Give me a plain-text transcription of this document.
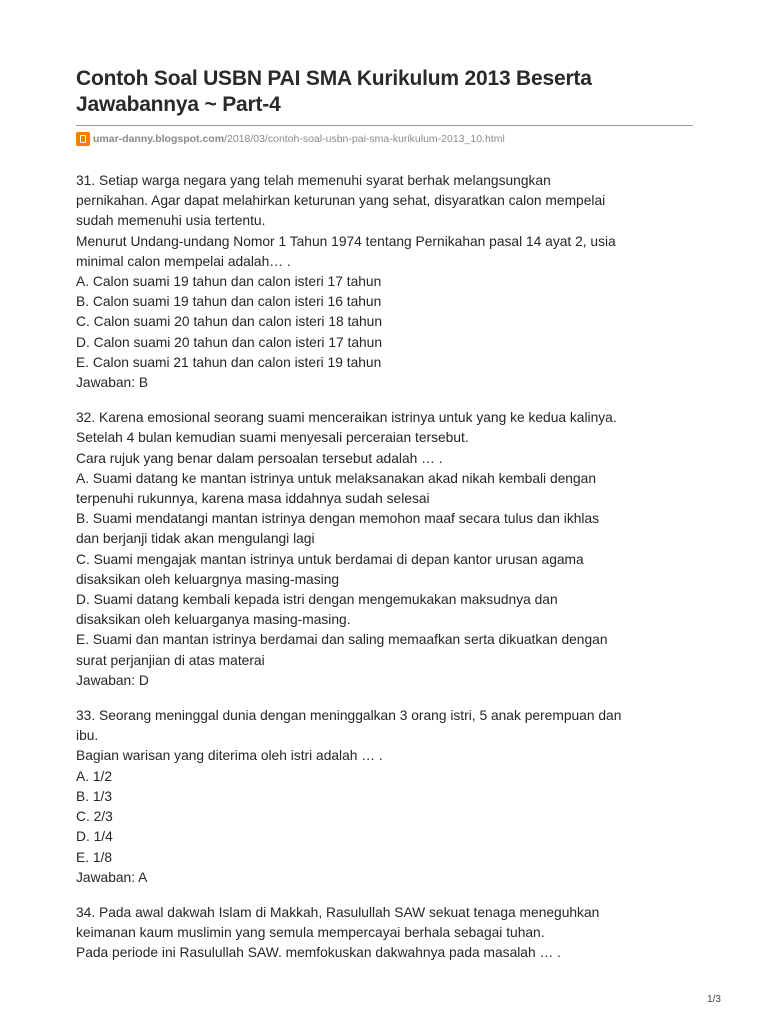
Contoh Soal USBN PAI SMA Kurikulum 2013 Beserta Jawabannya ~ Part-4
umar-danny.blogspot.com /2018/03/contoh-soal-usbn-pai-sma-kurikulum-2013_10.html

31. Setiap warga negara yang telah memenuhi syarat berhak melangsungkan

pernikahan. Agar dapat melahirkan keturunan yang sehat, disyaratkan calon mempelai

sudah memenuhi usia tertentu.

Menurut Undang-undang Nomor 1 Tahun 1974 tentang Pernikahan pasal 14 ayat 2, usia

minimal calon mempelai adalah… .

A. Calon suami 19 tahun dan calon isteri 17 tahun

B. Calon suami 19 tahun dan calon isteri 16 tahun

C. Calon suami 20 tahun dan calon isteri 18 tahun

D. Calon suami 20 tahun dan calon isteri 17 tahun

E. Calon suami 21 tahun dan calon isteri 19 tahun

Jawaban: B

32. Karena emosional seorang suami menceraikan istrinya untuk yang ke kedua kalinya.

Setelah 4 bulan kemudian suami menyesali perceraian tersebut.

Cara rujuk yang benar dalam persoalan tersebut adalah … .

A. Suami datang ke mantan istrinya untuk melaksanakan akad nikah kembali dengan

terpenuhi rukunnya, karena masa iddahnya sudah selesai

B. Suami mendatangi mantan istrinya dengan memohon maaf secara tulus dan ikhlas

dan berjanji tidak akan mengulangi lagi

C. Suami mengajak mantan istrinya untuk berdamai di depan kantor urusan agama

disaksikan oleh keluargnya masing-masing

D. Suami datang kembali kepada istri dengan mengemukakan maksudnya dan

disaksikan oleh keluarganya masing-masing.

E. Suami dan mantan istrinya berdamai dan saling memaafkan serta dikuatkan dengan

surat perjanjian di atas materai

Jawaban: D

33. Seorang meninggal dunia dengan meninggalkan 3 orang istri, 5 anak perempuan dan

ibu.

Bagian warisan yang diterima oleh istri adalah … .

A. 1/2

B. 1/3

C. 2/3

D. 1/4

E. 1/8

Jawaban: A

34. Pada awal dakwah Islam di Makkah, Rasulullah SAW sekuat tenaga meneguhkan

keimanan kaum muslimin yang semula mempercayai berhala sebagai tuhan.

Pada periode ini Rasulullah SAW. memfokuskan dakwahnya pada masalah … .

1/3
